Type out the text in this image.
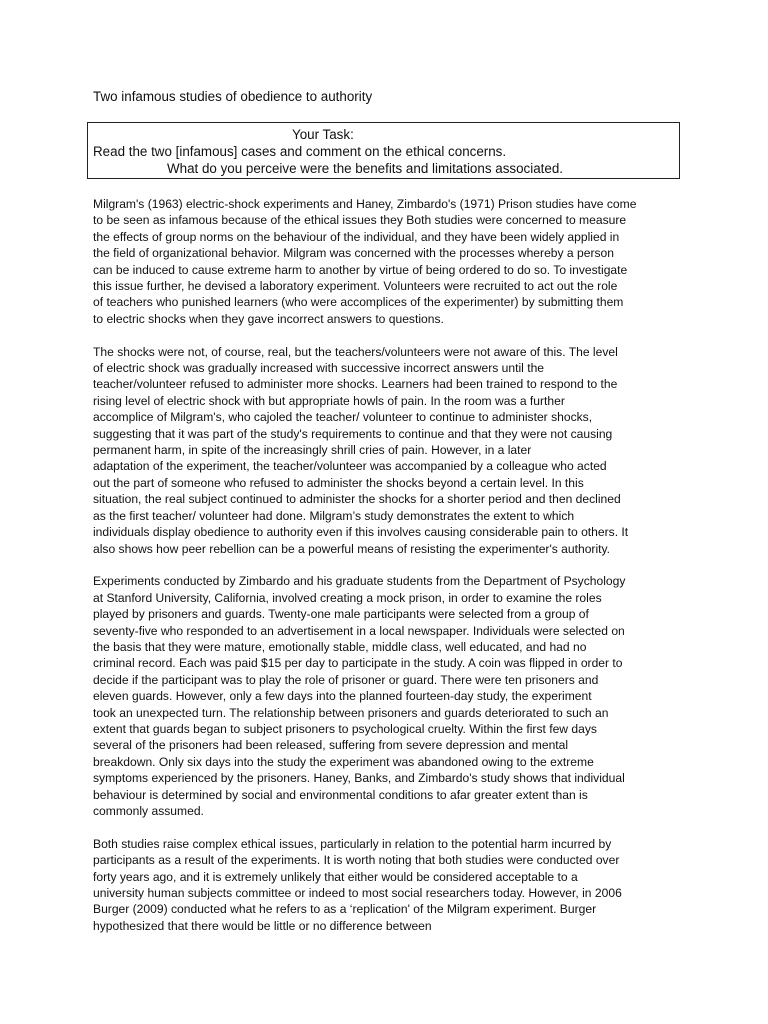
Two infamous studies of obedience to authority
Your Task:
Read the two [infamous] cases and comment on the ethical concerns.
What do you perceive were the benefits and limitations associated.

Milgram's (1963) electric-shock experiments and Haney, Zimbardo's (1971) Prison studies have come
to be seen as infamous because of the ethical issues they Both studies were concerned to measure
the effects of group norms on the behaviour of the individual, and they have been widely applied in
the field of organizational behavior. Milgram was concerned with the processes whereby a person
can be induced to cause extreme harm to another by virtue of being ordered to do so. To investigate
this issue further, he devised a laboratory experiment. Volunteers were recruited to act out the role
of teachers who punished learners (who were accomplices of the experimenter) by submitting them
to electric shocks when they gave incorrect answers to questions.

The shocks were not, of course, real, but the teachers/volunteers were not aware of this. The level
of electric shock was gradually increased with successive incorrect answers until the
teacher/volunteer refused to administer more shocks. Learners had been trained to respond to the
rising level of electric shock with but appropriate howls of pain. In the room was a further
accomplice of Milgram's, who cajoled the teacher/ volunteer to continue to administer shocks,
suggesting that it was part of the study's requirements to continue and that they were not causing
permanent harm, in spite of the increasingly shrill cries of pain. However, in a later
adaptation of the experiment, the teacher/volunteer was accompanied by a colleague who acted
out the part of someone who refused to administer the shocks beyond a certain level. In this
situation, the real subject continued to administer the shocks for a shorter period and then declined
as the first teacher/ volunteer had done. Milgram’s study demonstrates the extent to which
individuals display obedience to authority even if this involves causing considerable pain to others. It
also shows how peer rebellion can be a powerful means of resisting the experimenter's authority.

Experiments conducted by Zimbardo and his graduate students from the Department of Psychology
at Stanford University, California, involved creating a mock prison, in order to examine the roles
played by prisoners and guards. Twenty-one male participants were selected from a group of
seventy-five who responded to an advertisement in a local newspaper. Individuals were selected on
the basis that they were mature, emotionally stable, middle class, well educated, and had no
criminal record. Each was paid $15 per day to participate in the study. A coin was flipped in order to
decide if the participant was to play the role of prisoner or guard. There were ten prisoners and
eleven guards. However, only a few days into the planned fourteen-day study, the experiment
took an unexpected turn. The relationship between prisoners and guards deteriorated to such an
extent that guards began to subject prisoners to psychological cruelty. Within the first few days
several of the prisoners had been released, suffering from severe depression and mental
breakdown. Only six days into the study the experiment was abandoned owing to the extreme
symptoms experienced by the prisoners. Haney, Banks, and Zimbardo's study shows that individual
behaviour is determined by social and environmental conditions to afar greater extent than is
commonly assumed.

Both studies raise complex ethical issues, particularly in relation to the potential harm incurred by
participants as a result of the experiments. It is worth noting that both studies were conducted over
forty years ago, and it is extremely unlikely that either would be considered acceptable to a
university human subjects committee or indeed to most social researchers today. However, in 2006
Burger (2009) conducted what he refers to as a ‘replication' of the Milgram experiment. Burger
hypothesized that there would be little or no difference between
